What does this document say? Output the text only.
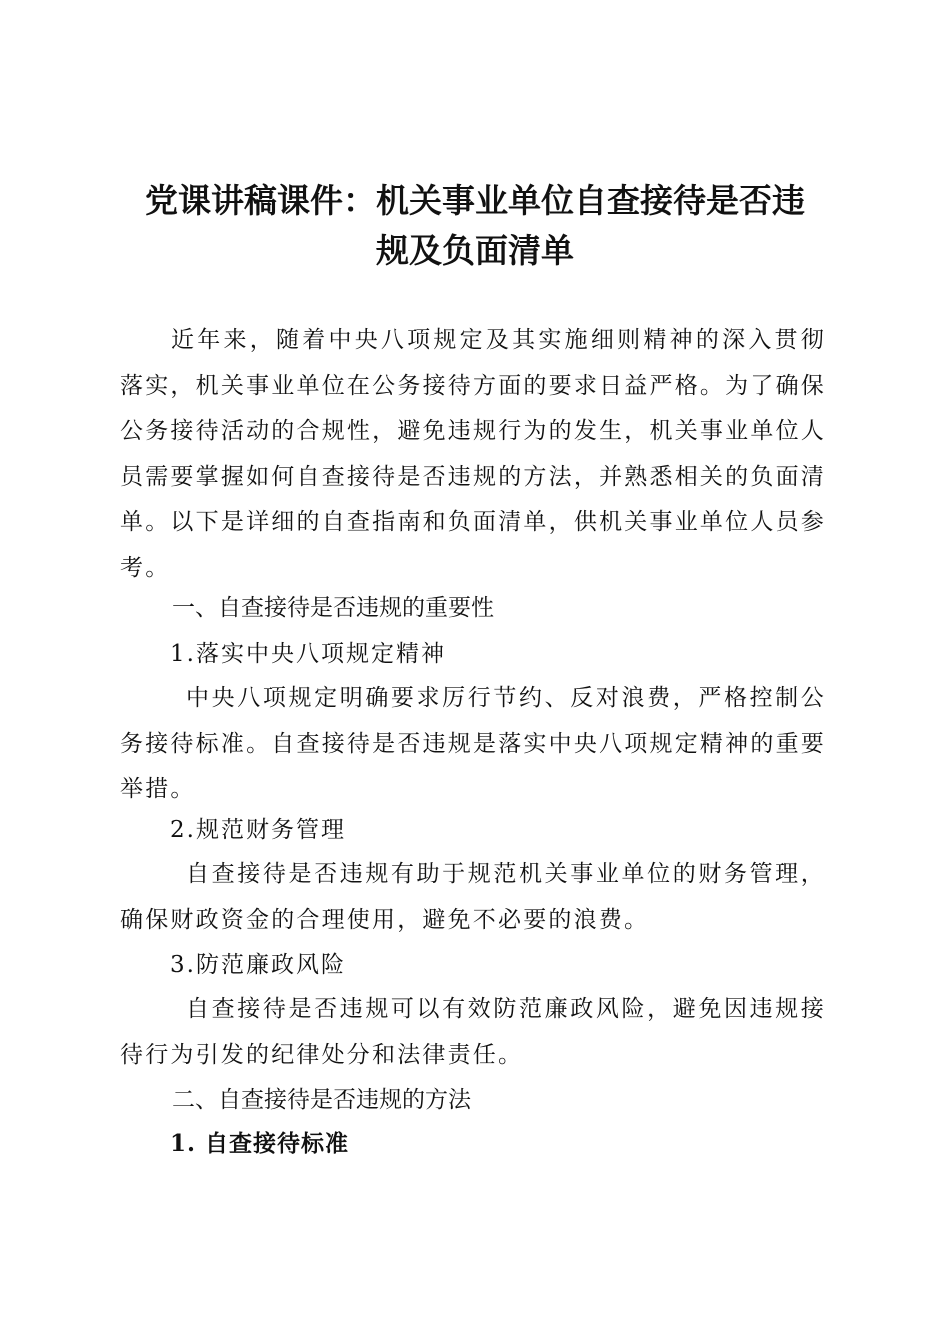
党课讲稿课件：机关事业单位自查接待是否违
规及负面清单

近年来，随着中央八项规定及其实施细则精神的深入贯彻落实，机关事业单位在公务接待方面的要求日益严格。为了确保公务接待活动的合规性，避免违规行为的发生，机关事业单位人员需要掌握如何自查接待是否违规的方法，并熟悉相关的负面清单。以下是详细的自查指南和负面清单，供机关事业单位人员参考。

一、自查接待是否违规的重要性

1.落实中央八项规定精神

中央八项规定明确要求厉行节约、反对浪费，严格控制公务接待标准。自查接待是否违规是落实中央八项规定精神的重要举措。

2.规范财务管理

自查接待是否违规有助于规范机关事业单位的财务管理，确保财政资金的合理使用，避免不必要的浪费。

3.防范廉政风险

自查接待是否违规可以有效防范廉政风险，避免因违规接待行为引发的纪律处分和法律责任。

二、自查接待是否违规的方法

1. 自查接待标准
